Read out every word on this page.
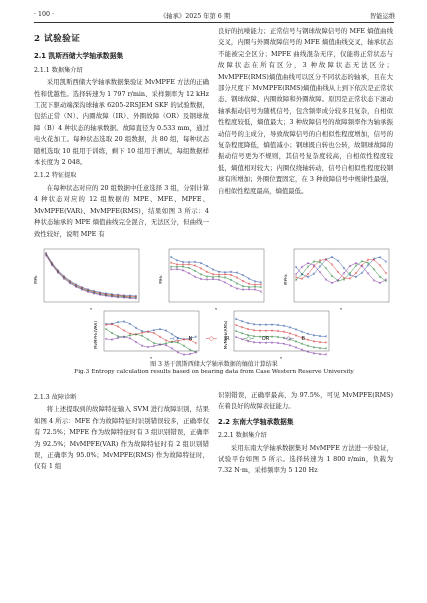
· 100 ·	《轴承》2025 年第 6 期	智能运维
2 试验验证
2.1 凯斯西储大学轴承数据集
2.1.1 数据集介绍

采用凯斯西储大学轴承数据集验证 MvMPFE 方法的正确性和优越性。选择转速为 1 797 r/min、采样频率为 12 kHz 工况下驱动端深沟球轴承 6205-2RSJEM SKF 的试验数据，包括正常（N）、内圈故障（IR）、外圈故障（OR）及钢球故障（B）4 种状态的轴承数据。故障直径为 0.533 mm，通过电火花加工。每种状态选取 20 组数据，共 80 组，每种状态随机选取 10 组用于训练，剩下 10 组用于测试，每组数据样本长度为 2 048。

2.1.2 特征提取

在每种状态对应的 20 组数据中任意选择 3 组，分别计算 4 种状态对应的 12 组数据的 MPE、MFE、MPFE、MvMPFE(VAR)、MvMPFE(RMS)，结果如图 3 所示：4 种状态轴承的 MPE 熵值曲线完全混合，无法区分，但曲线一致性较好，说明 MPE 有

良好的抗噪能力；正常信号与钢球故障信号的 MFE 熵值曲线交叉，内圈与外圈故障信号的 MFE 熵值曲线交叉，轴承状态不能被完全区分；MPFE 曲线混杂无序，仅能将正常状态与故障状态在所有区分，3 种故障状态无法区分；MvMPFE(RMS)熵值曲线可以区分不同状态的轴承，且在大部分尺度下 MvMPFE(RMS)熵值曲线从上到下依次是正常状态、钢球故障、内圈故障和外圈故障。原因是正常状态下滚动轴承振动信号为随机信号，包含频率成分较多且复杂，自相似性程度较低，熵值最大；3 种故障信号的故障频率作为轴承振动信号的主成分，导致故障信号的自相似性程度增加，信号的复杂程度降低，熵值减小；钢球既自转也公转，故钢球故障的振动信号更为不规则，其信号复杂度较高，自相似性程度较低，熵值相对较大；内圈仅绕轴转动，信号自相似性程度较钢球有所增加；外圈位置固定，在 3 种故障信号中规律性最强，自相似性程度最高，熵值最低。

MPE
τ
MFE
τ
MPFE
τ
MvMPFE(VAR)
τ
MvMPFE(RMS)
τ
─○─ N	─○─ IR	─○─ OR	─○─ B
图 3 基于凯斯西储大学轴承数据的熵值计算结果
Fig.3 Entropy calculation results based on bearing data from Case Western Reserve University
2.1.3 故障诊断

将上述提取到的故障特征输入 SVM 进行故障识别，结果如图 4 所示：MFE 作为故障特征时识别错误较多，正确率仅有 72.5%；MPFE 作为故障特征时有 3 组识别错误，正确率为 92.5%；MvMPFE(VAR) 作为故障特征时有 2 组识别错误，正确率为 95.0%；MvMPFE(RMS) 作为故障特征时，仅有 1 组

识别错误，正确率最高，为 97.5%，可见 MvMPFE(RMS) 在着良好的故障表征能力。

2.2 东南大学轴承数据集
2.2.1 数据集介绍

采用东南大学轴承数据集对 MvMPFE 方法进一步验证，试验平台如图 5 所示。选择转速为 1 800 r/min，负载为 7.32 N·m，采样频率为 5 120 Hz
